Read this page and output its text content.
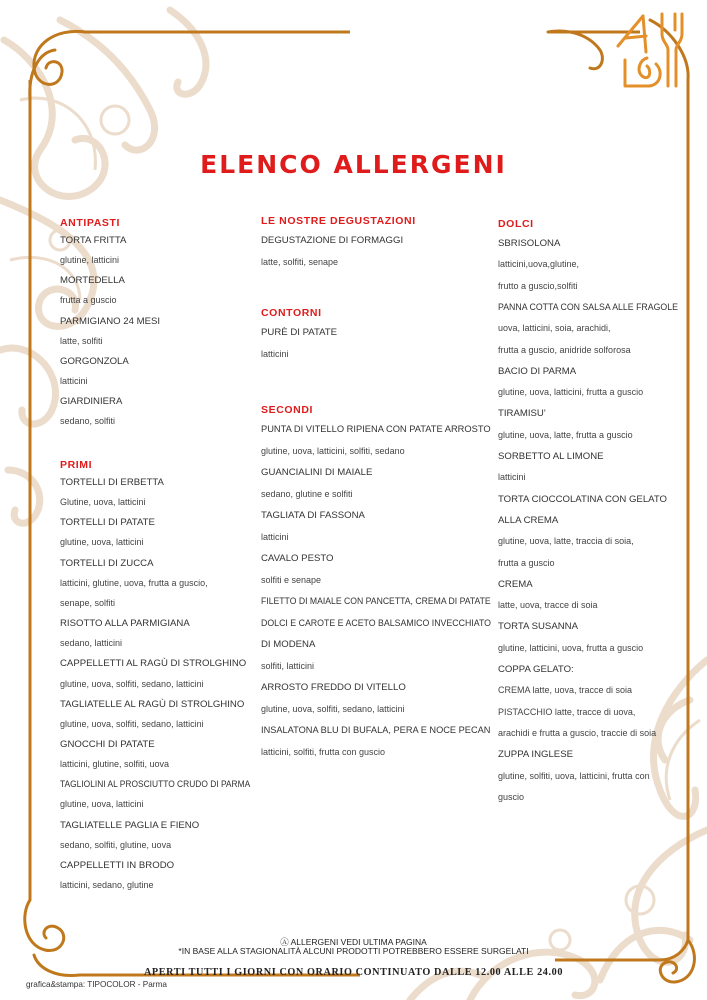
ELENCO ALLERGENI
ANTIPASTI
TORTA FRITTA
glutine, latticini
MORTEDELLA
frutta a guscio
PARMIGIANO 24 MESI
latte, solfiti
GORGONZOLA
latticini
GIARDINIERA
sedano, solfiti
PRIMI
TORTELLI DI ERBETTA
Glutine, uova, latticini
TORTELLI DI PATATE
glutine, uova, latticini
TORTELLI DI ZUCCA
latticini, glutine, uova, frutta a guscio,
senape, solfiti
RISOTTO ALLA PARMIGIANA
sedano, latticini
CAPPELLETTI AL RAGÙ DI STROLGHINO
glutine, uova, solfiti, sedano, latticini
TAGLIATELLE AL RAGÙ DI STROLGHINO
glutine, uova, solfiti, sedano, latticini
GNOCCHI DI PATATE
latticini, glutine, solfiti, uova
TAGLIOLINI AL PROSCIUTTO CRUDO DI PARMA
glutine, uova, latticini
TAGLIATELLE PAGLIA E FIENO
sedano, solfiti, glutine, uova
CAPPELLETTI IN BRODO
latticini, sedano, glutine
LE NOSTRE DEGUSTAZIONI
DEGUSTAZIONE DI FORMAGGI
latte, solfiti, senape
CONTORNI
PURÈ DI PATATE
latticini
SECONDI
PUNTA DI VITELLO RIPIENA CON PATATE ARROSTO
glutine, uova, latticini, solfiti, sedano
GUANCIALINI DI MAIALE
sedano, glutine e solfiti
TAGLIATA DI FASSONA
latticini
CAVALO PESTO
solfiti e senape
FILETTO DI MAIALE CON PANCETTA, CREMA DI PATATE
DOLCI E CAROTE E ACETO BALSAMICO INVECCHIATO
DI MODENA
solfiti, latticini
ARROSTO FREDDO DI VITELLO
glutine, uova, solfiti, sedano, latticini
INSALATONA BLU DI BUFALA, PERA E NOCE PECAN
latticini, solfiti, frutta con guscio
DOLCI
SBRISOLONA
latticini,uova,glutine,
frutto a guscio,solfiti
PANNA COTTA CON SALSA ALLE FRAGOLE
uova, latticini, soia, arachidi,
frutta a guscio, anidride solforosa
BACIO DI PARMA
glutine, uova, latticini, frutta a guscio
TIRAMISU'
glutine, uova, latte, frutta a guscio
SORBETTO AL LIMONE
latticini
TORTA CIOCCOLATINA CON GELATO
ALLA CREMA
glutine, uova, latte, traccia di soia,
frutta a guscio
CREMA
latte, uova, tracce di soia
TORTA SUSANNA
glutine, latticini, uova, frutta a guscio
COPPA GELATO:
CREMA latte, uova, tracce di soia
PISTACCHIO latte, tracce di uova,
arachidi e frutta a guscio, traccie di soia
ZUPPA INGLESE
glutine, solfiti, uova, latticini, frutta con
guscio
Ⓐ ALLERGENI VEDI ULTIMA PAGINA
*IN BASE ALLA STAGIONALITÀ ALCUNI PRODOTTI POTREBBERO ESSERE SURGELATI
APERTI TUTTI I GIORNI CON ORARIO CONTINUATO DALLE 12.00 ALLE 24.00
grafica&stampa: TIPOCOLOR - Parma
